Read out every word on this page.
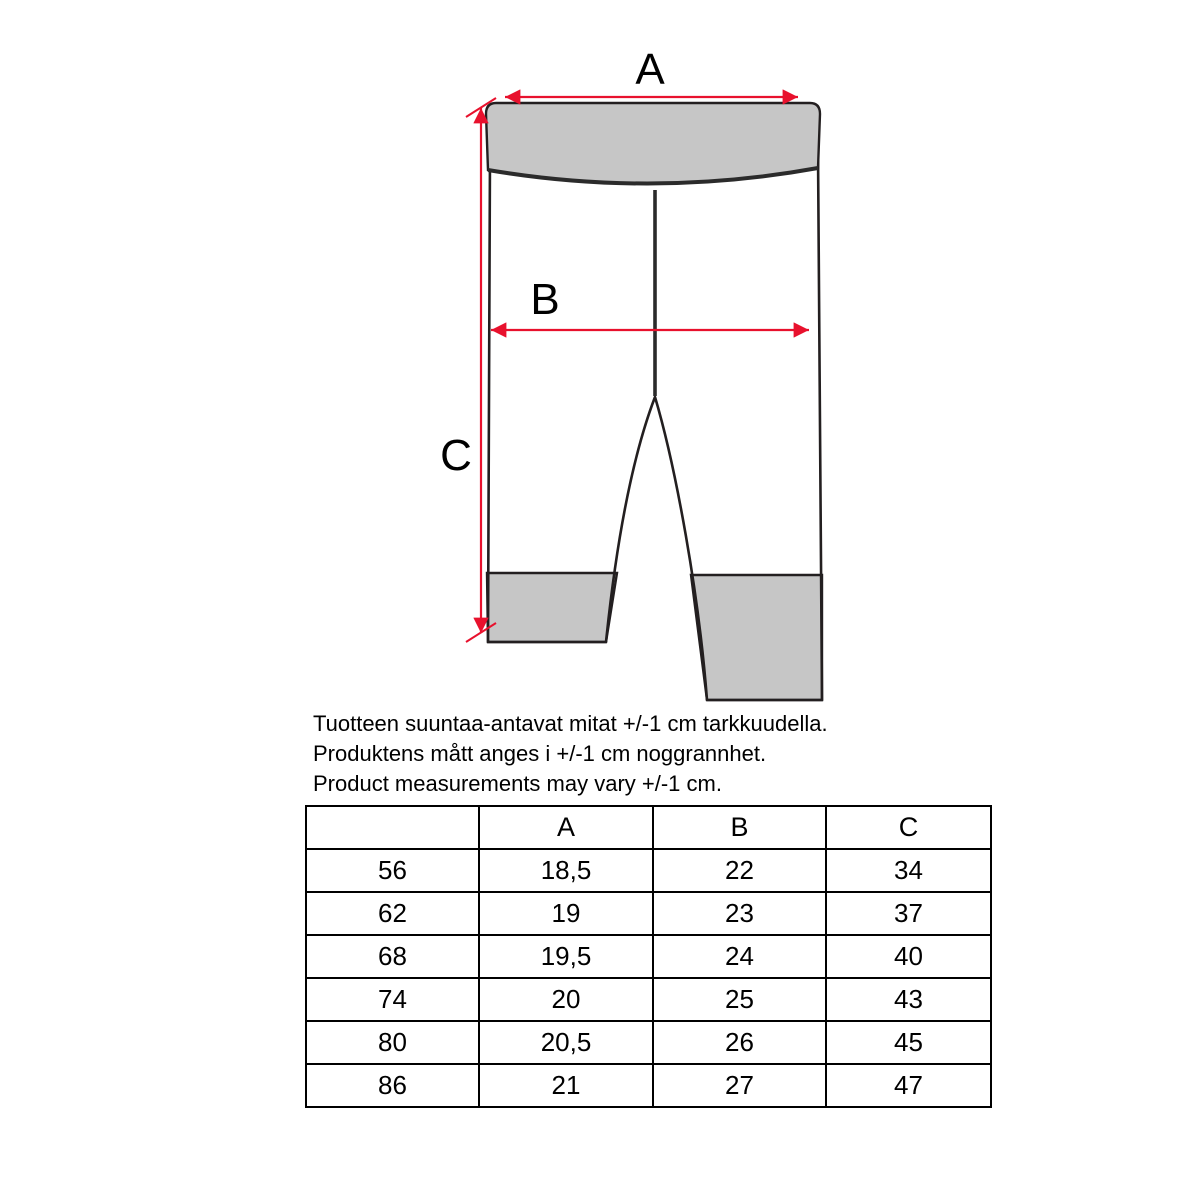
A
B
C
Tuotteen suuntaa-antavat mitat +/-1 cm tarkkuudella.
Produktens mått anges i +/-1 cm noggrannhet.
Product measurements may vary +/-1 cm.
	A	B	C
56	18,5	22	34
62	19	23	37
68	19,5	24	40
74	20	25	43
80	20,5	26	45
86	21	27	47
